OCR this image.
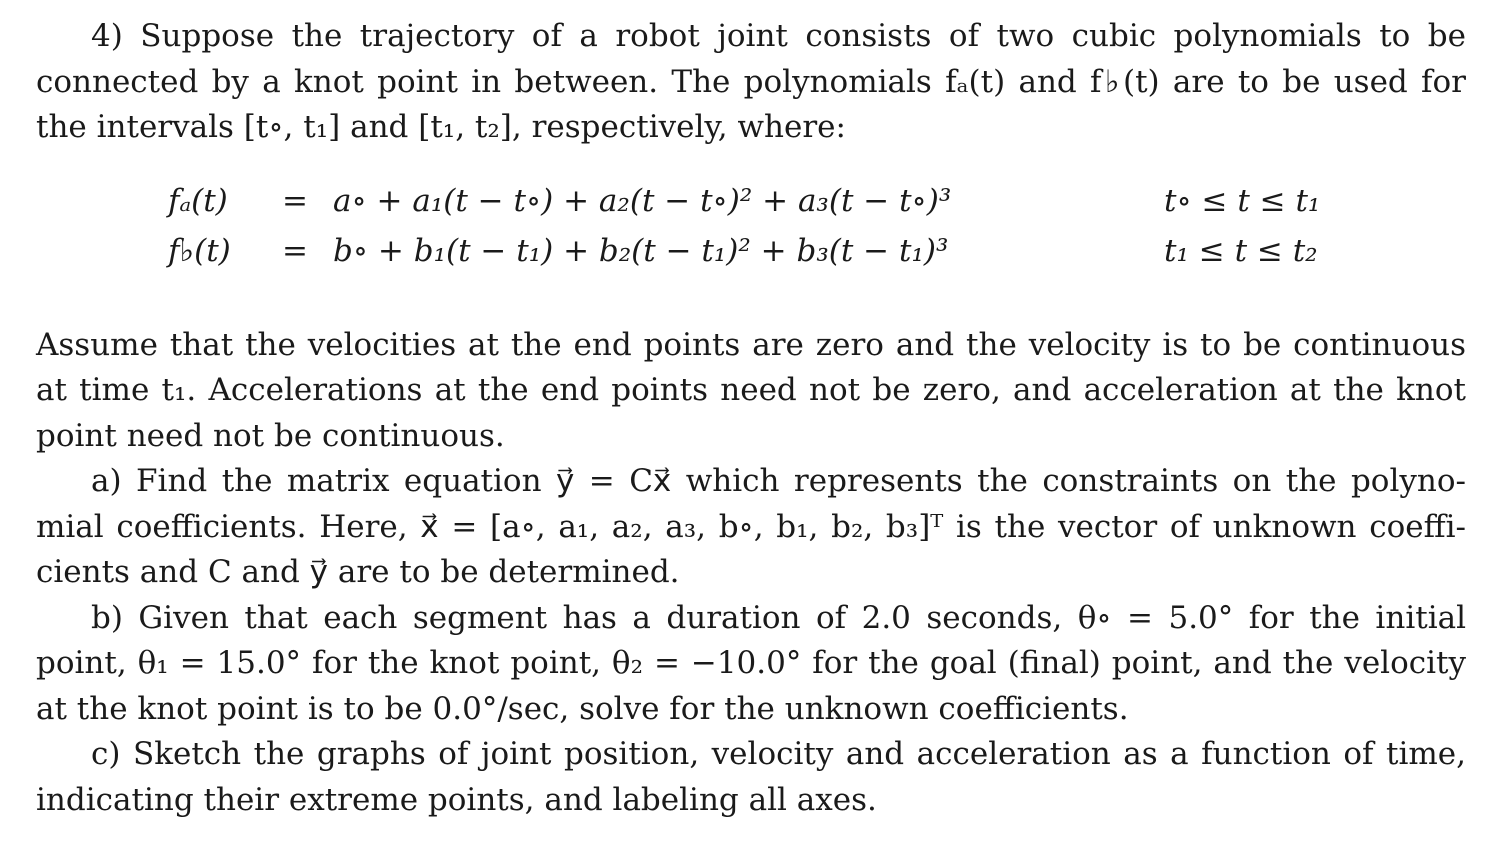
4) Suppose the trajectory of a robot joint consists of two cubic polynomials to be
connected by a knot point in between. The polynomials fₐ(t) and f♭(t) are to be used for
the intervals [t∘, t₁] and [t₁, t₂], respectively, where:
fₐ(t) = a∘ + a₁(t − t∘) + a₂(t − t∘)² + a₃(t − t∘)³	t∘ ≤ t ≤ t₁
f♭(t) = b∘ + b₁(t − t₁) + b₂(t − t₁)² + b₃(t − t₁)³	t₁ ≤ t ≤ t₂
Assume that the velocities at the end points are zero and the velocity is to be continuous
at time t₁. Accelerations at the end points need not be zero, and acceleration at the knot
point need not be continuous.
a) Find the matrix equation y⃗ = Cx⃗ which represents the constraints on the polyno-
mial coefficients. Here, x⃗ = [a∘, a₁, a₂, a₃, b∘, b₁, b₂, b₃]ᵀ is the vector of unknown coeffi-
cients and C and y⃗ are to be determined.
b) Given that each segment has a duration of 2.0 seconds, θ∘ = 5.0° for the initial
point, θ₁ = 15.0° for the knot point, θ₂ = −10.0° for the goal (final) point, and the velocity
at the knot point is to be 0.0°/sec, solve for the unknown coefficients.
c) Sketch the graphs of joint position, velocity and acceleration as a function of time,
indicating their extreme points, and labeling all axes.
